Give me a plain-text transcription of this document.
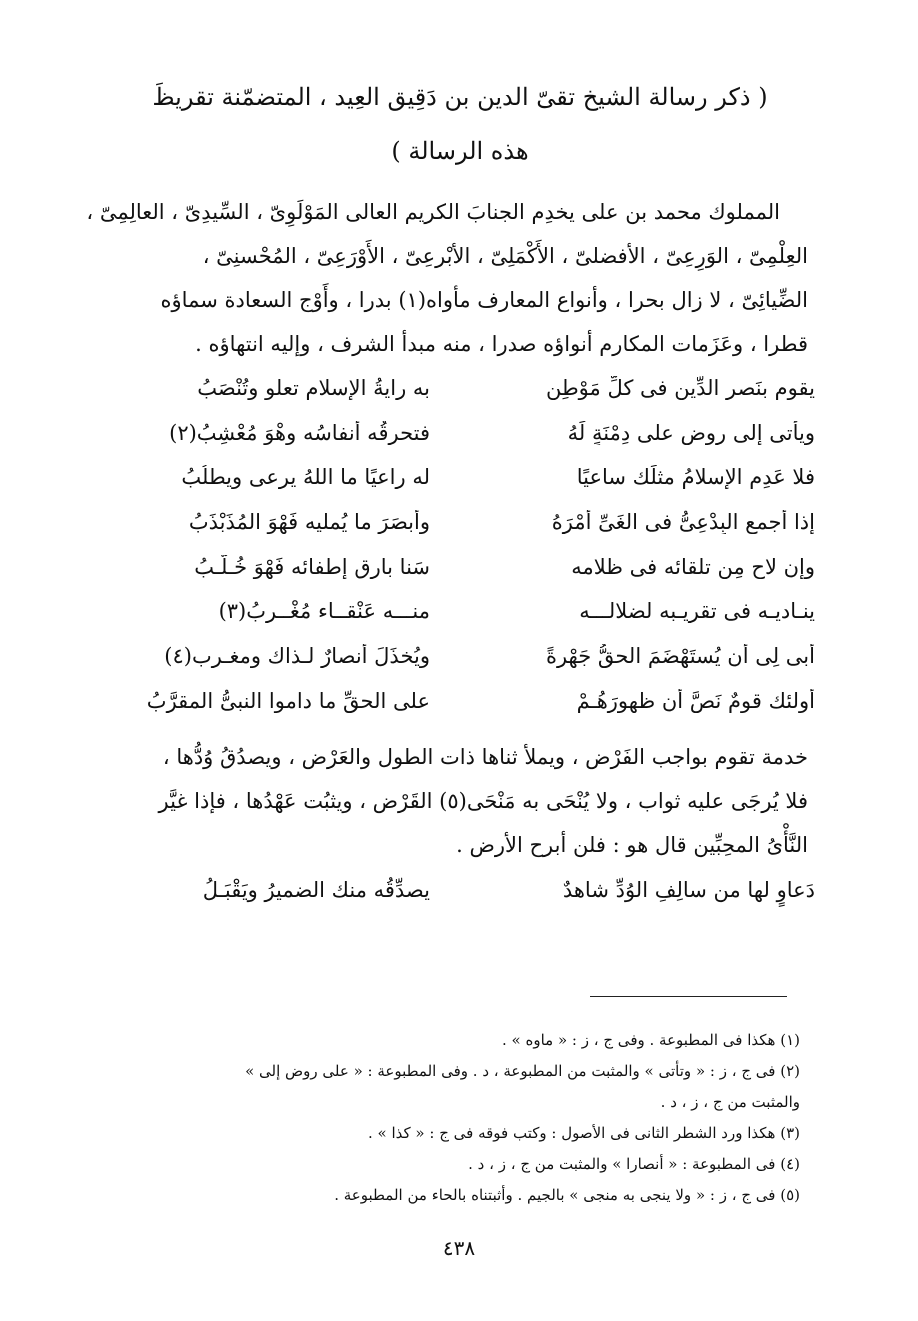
( ذكر رسالة الشيخ تقىّ الدين بن دَقِيق العِيد ، المتضمّنة تقريظَ
هذه الرسالة )
المملوك محمد بن على يخدِم الجنابَ الكريم العالى المَوْلَوِىّ ، السِّيدِىّ ، العالِمِىّ ،
العِلْمِىّ ، الوَرِعِىّ ، الأفضلىّ ، الأَكْمَلِىّ ، الأبْرعِىّ ، الأَوْرَعِىّ ، المُحْسنِىّ ،
الضِّيائِىّ ، لا زال بحرا ، وأنواع المعارف مأواه(١) بدرا ، وأَوْج السعادة سماؤه
قطرا ، وعَزَمات المكارم أنواؤه صدرا ، منه مبدأ الشرف ، وإليه انتهاؤه .
يقوم بنَصرِ الدِّين فى كلِّ مَوْطِنٍ
به رايةُ الإسلام تعلو وتُنْصَبُ
ويأتى إلى روضٍ على دِمْنَةٍ لَهُ
فتحرقُه أنفاسُه وهْوَ مُعْشِبُ(٢)
فلا عَدِم الإسلامُ مثلَك ساعيًا
له راعيًا ما اللهُ يرعى ويطلُبُ
إذا أجمع البِدْعِىُّ فى الغَىِّ أَمْرَهُ
وأبصَرَ ما يُمليه فَهْوَ المُذَبْذَبُ
وإن لاح مِن تلقائه فى ظلامه
سَنا بارقٍ إطفائه فَهْوَ خُـلَّـبُ
ينـاديـه فى تقريـبه لضلالـــه
منـــه عَنْقــاء مُغْــرِبُ(٣)
أبى لِى أن يُستَهْضَمَ الحقُّ جَهْرةً
ويُخذَلَ أنصارٌ لـذاك ومغـرب(٤)
أولئك قومٌ نَصَّ أن ظهورَهُـمْ
على الحقِّ ما داموا النبىُّ المقرَّبُ
خدمة تقوم بواجب الفَرْض ، ويملأ ثناها ذات الطول والعَرْض ، ويصدُقُ وُدُّها ،
فلا يُرجَى عليه ثواب ، ولا يُنْحَى به مَنْحَى(٥) القَرْض ، ويثبُت عَهْدُها ، فإذا غيَّر
النَّأْىُ المحِبِّين قال هو : فلن أبرح الأرض .
دَعاوٍ لها من سالِفِ الوُدِّ شاهدٌ
يصدِّقُه منك الضميرُ ويَقْبَـلُ
(١) هكذا فى المطبوعة . وفى ج ، ز : « ماوه » .
(٢) فى ج ، ز : « وتأتى » والمثبت من المطبوعة ، د . وفى المطبوعة : « على روض إلى » والمثبت من ج ، ز ، د .
(٣) هكذا ورد الشطر الثانى فى الأصول : وكتب فوقه فى ج : « كذا » .
(٤) فى المطبوعة : « أنصارا » والمثبت من ج ، ز ، د .
(٥) فى ج ، ز : « ولا ينجى به منجى » بالجيم . وأثبتناه بالحاء من المطبوعة .
٤٣٨
